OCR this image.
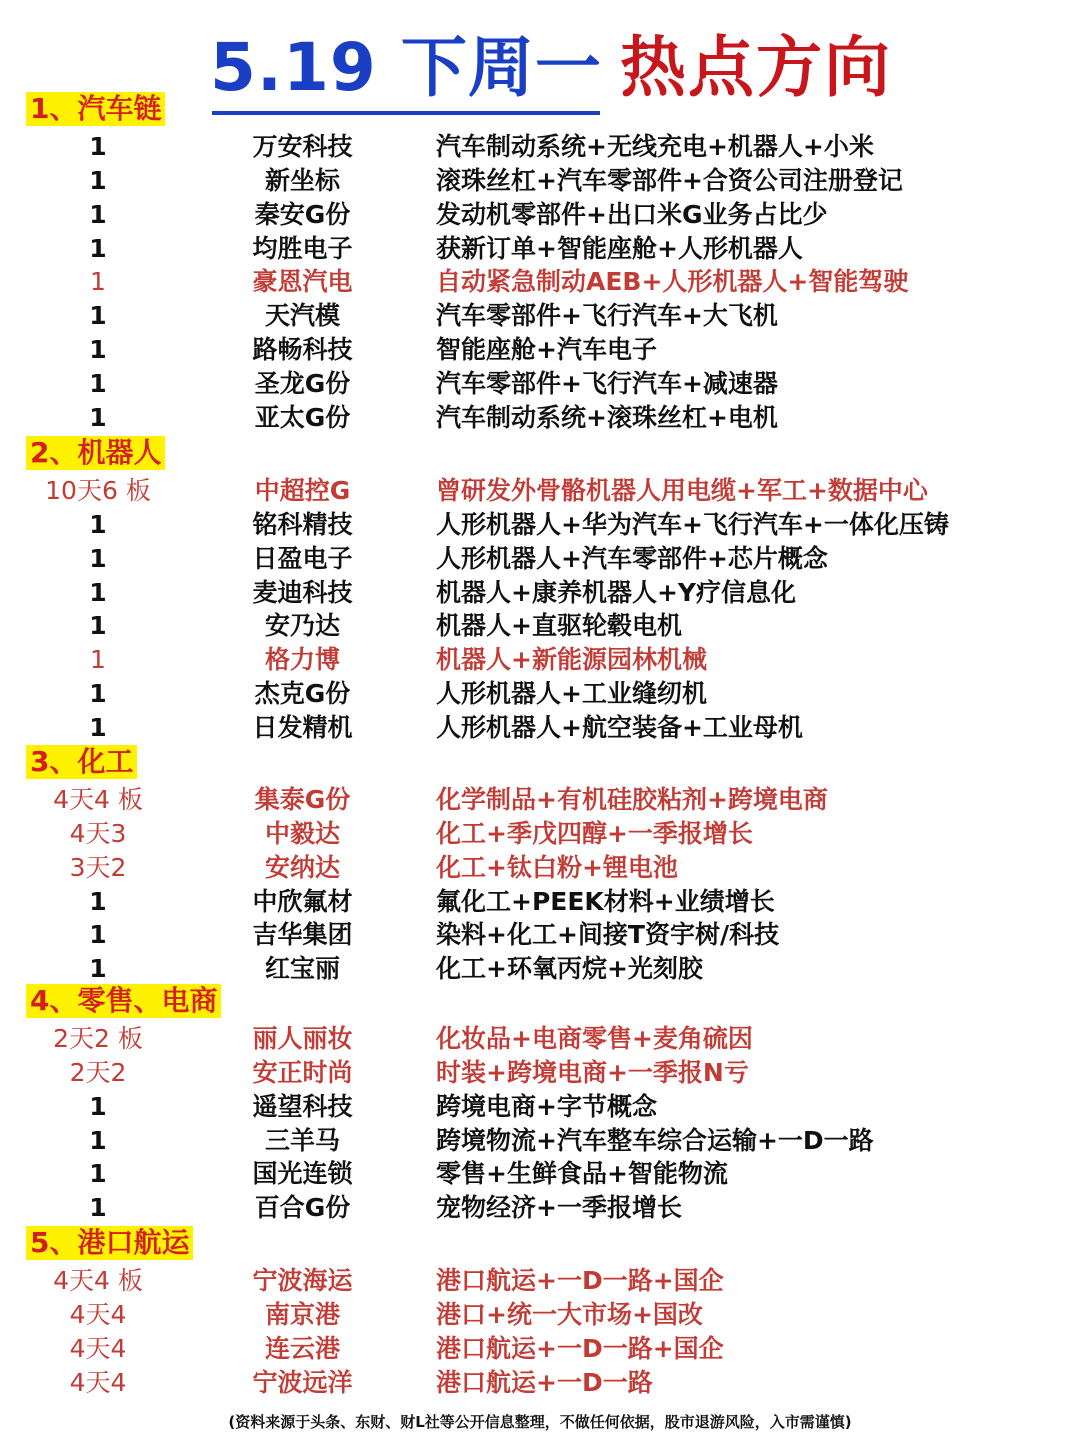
5.19 下周一 热点方向
1、汽车链
1	万安科技	汽车制动系统+无线充电+机器人+小米
1	新坐标	滚珠丝杠+汽车零部件+合资公司注册登记
1	秦安G份	发动机零部件+出口米G业务占比少
1	均胜电子	获新订单+智能座舱+人形机器人
1	豪恩汽电	自动紧急制动AEB+人形机器人+智能驾驶
1	天汽模	汽车零部件+飞行汽车+大飞机
1	路畅科技	智能座舱+汽车电子
1	圣龙G份	汽车零部件+飞行汽车+减速器
1	亚太G份	汽车制动系统+滚珠丝杠+电机
2、机器人
10天6 板	中超控G	曾研发外骨骼机器人用电缆+军工+数据中心
1	铭科精技	人形机器人+华为汽车+飞行汽车+一体化压铸
1	日盈电子	人形机器人+汽车零部件+芯片概念
1	麦迪科技	机器人+康养机器人+Y疗信息化
1	安乃达	机器人+直驱轮毂电机
1	格力博	机器人+新能源园林机械
1	杰克G份	人形机器人+工业缝纫机
1	日发精机	人形机器人+航空装备+工业母机
3、化工
4天4 板	集泰G份	化学制品+有机硅胶粘剂+跨境电商
4天3	中毅达	化工+季戊四醇+一季报增长
3天2	安纳达	化工+钛白粉+锂电池
1	中欣氟材	氟化工+PEEK材料+业绩增长
1	吉华集团	染料+化工+间接T资宇树/科技
1	红宝丽	化工+环氧丙烷+光刻胶
4、零售、电商
2天2 板	丽人丽妆	化妆品+电商零售+麦角硫因
2天2	安正时尚	时装+跨境电商+一季报N亏
1	遥望科技	跨境电商+字节概念
1	三羊马	跨境物流+汽车整车综合运输+一D一路
1	国光连锁	零售+生鲜食品+智能物流
1	百合G份	宠物经济+一季报增长
5、港口航运
4天4 板	宁波海运	港口航运+一D一路+国企
4天4	南京港	港口+统一大市场+国改
4天4	连云港	港口航运+一D一路+国企
4天4	宁波远洋	港口航运+一D一路
(资料来源于头条、东财、财L社等公开信息整理，不做任何依据，股市退游风险，入市需谨慎)
